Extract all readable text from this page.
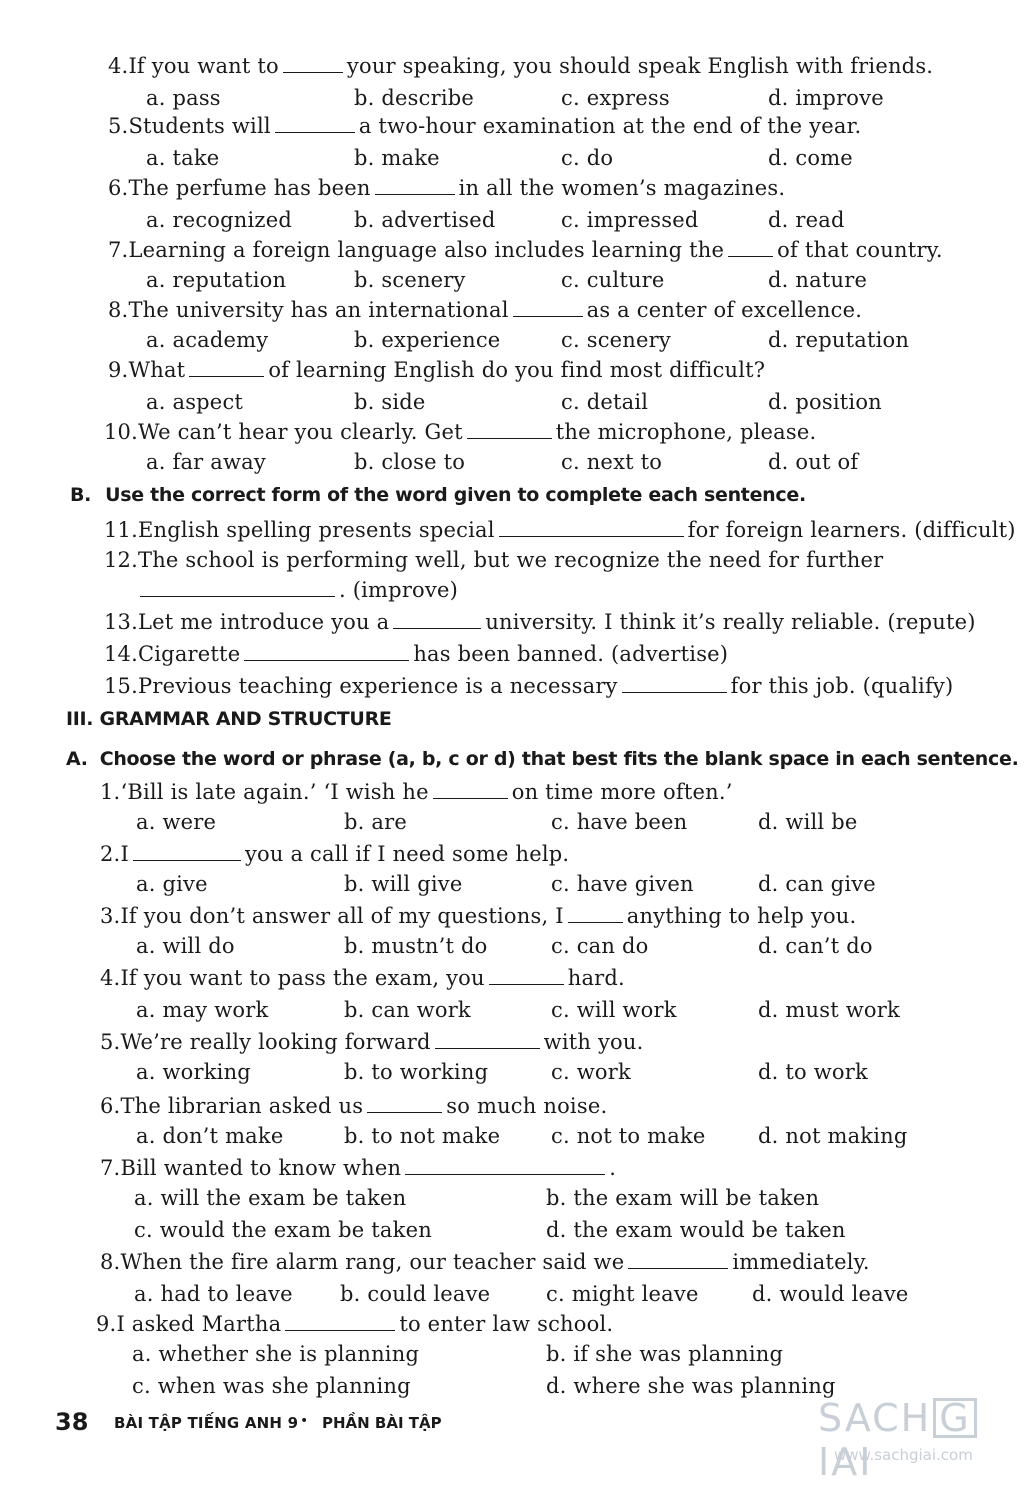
4.If you want to	your speaking, you should speak English with friends.
a. pass	b. describe	c. express	d. improve
5.Students will	a two-hour examination at the end of the year.
a. take	b. make	c. do	d. come
6.The perfume has been	in all the women’s magazines.
a. recognized	b. advertised	c. impressed	d. read
7.Learning a foreign language also includes learning the	of that country.
a. reputation	b. scenery	c. culture	d. nature
8.The university has an international	as a center of excellence.
a. academy	b. experience	c. scenery	d. reputation
9.What	of learning English do you find most difficult?
a. aspect	b. side	c. detail	d. position
10.We can’t hear you clearly. Get	the microphone, please.
a. far away	b. close to	c. next to	d. out of
B. Use the correct form of the word given to complete each sentence.
11.English spelling presents special	for foreign learners. (difficult)
12.The school is performing well, but we recognize the need for further
. (improve)
13.Let me introduce you a	university. I think it’s really reliable. (repute)
14.Cigarette	has been banned. (advertise)
15.Previous teaching experience is a necessary	for this job. (qualify)
III. GRAMMAR AND STRUCTURE
A. Choose the word or phrase (a, b, c or d) that best fits the blank space in each sentence.
1.‘Bill is late again.’ ‘I wish he	on time more often.’
a. were	b. are	c. have been	d. will be
2.I	you a call if I need some help.
a. give	b. will give	c. have given	d. can give
3.If you don’t answer all of my questions, I	anything to help you.
a. will do	b. mustn’t do	c. can do	d. can’t do
4.If you want to pass the exam, you	hard.
a. may work	b. can work	c. will work	d. must work
5.We’re really looking forward	with you.
a. working	b. to working	c. work	d. to work
6.The librarian asked us	so much noise.
a. don’t make	b. to not make c. not to make d. not making
7.Bill wanted to know when	.
a. will the exam be taken	b. the exam will be taken
c. would the exam be taken	d. the exam would be taken
8.When the fire alarm rang, our teacher said we	immediately.
a. had to leave b. could leave	c. might leave	d. would leave
9.I asked Martha	to enter law school.
a. whether she is planning	b. if she was planning
c. when was she planning	d. where she was planning
38 BÀI TẬP TIẾNG ANH 9 • PHẦN BÀI TẬP	SACH GIAI
www.sachgiai.com
